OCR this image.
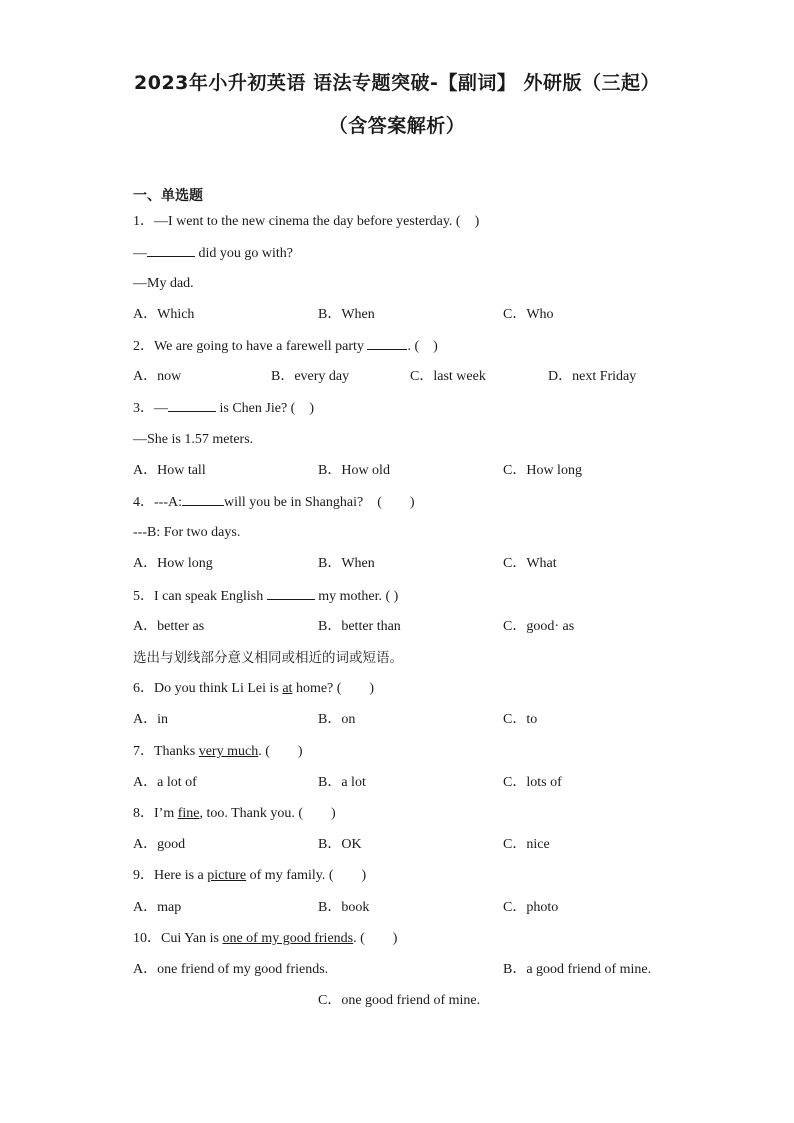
2023年小升初英语 语法专题突破-【副词】 外研版（三起）
（含答案解析）
一、单选题
1．—I went to the new cinema the day before yesterday. (　)
—	did you go with?
—My dad.
A．Which	B．When	C．Who
2．We are going to have a farewell party	. (　)
A．now	B．every day	C．last week	D．next Friday
3．—	is Chen Jie? (　)
—She is 1.57 meters.
A．How tall	B．How old	C．How long
4．---A:	will you be in Shanghai?　(　　)
---B: For two days.
A．How long	B．When	C．What
5．I can speak English	my mother. ( )
A．better as	B．better than	C．good· as
选出与划线部分意义相同或相近的词或短语。
6．Do you think Li Lei is at home? (　　)
A．in	B．on	C．to
7．Thanks very much. (　　)
A．a lot of	B．a lot	C．lots of
8．I’m fine, too. Thank you. (　　)
A．good	B．OK	C．nice
9．Here is a picture of my family. (　　)
A．map	B．book	C．photo
10．Cui Yan is one of my good friends. (　　)
A．one friend of my good friends.	B．a good friend of mine.
C．one good friend of mine.
